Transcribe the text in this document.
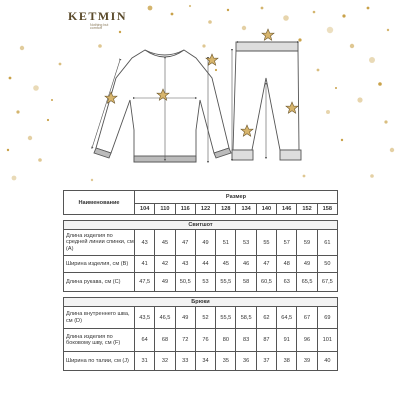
KETMIN
Nothing but
comfort
Наименование	Размер									
	104	110	116	122	128	134	140	146	152	158

Свитшот										
Длина изделия по средней линии спинки, см (А)	43	45	47	49	51	53	55	57	59	61
Ширина изделия, см (В)	41	42	43	44	45	46	47	48	49	50
Длина рукава, см (С)	47,5	49	50,5	53	55,5	58	60,5	63	65,5	67,5

Брюки										
Длина внутреннего шва, см (D)	43,5	46,5	49	52	55,5	58,5	62	64,5	67	69
Длина изделия по боковому шву, см (F)	64	68	72	76	80	83	87	91	96	101
Ширина по талии, см (J)	31	32	33	34	35	36	37	38	39	40
